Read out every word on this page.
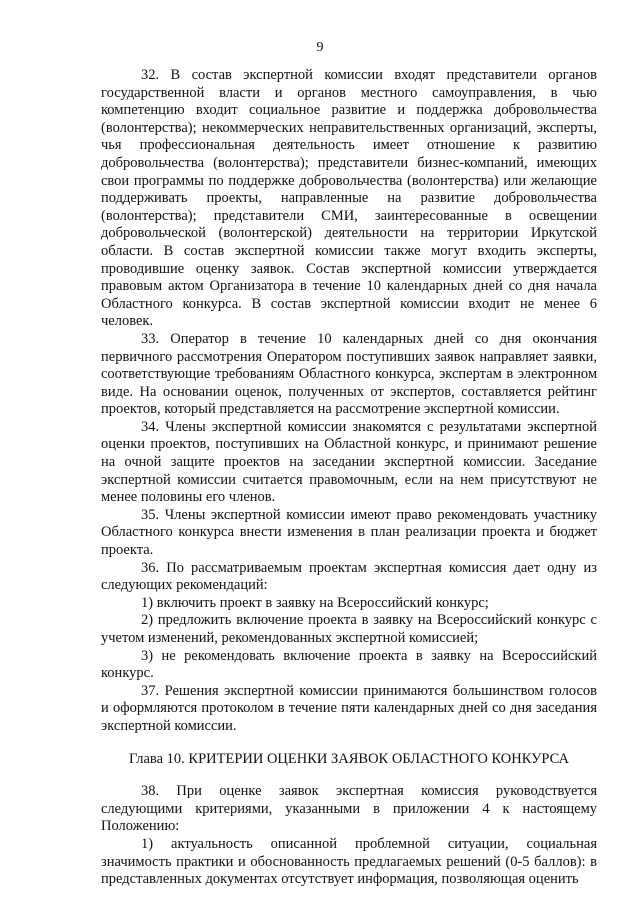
9

32. В состав экспертной комиссии входят представители органов государственной власти и органов местного самоуправления, в чью компетенцию входит социальное развитие и поддержка добровольчества (волонтерства); некоммерческих неправительственных организаций, эксперты, чья профессиональная деятельность имеет отношение к развитию добровольчества (волонтерства); представители бизнес-компаний, имеющих свои программы по поддержке добровольчества (волонтерства) или желающие поддерживать проекты, направленные на развитие добровольчества (волонтерства); представители СМИ, заинтересованные в освещении добровольческой (волонтерской) деятельности на территории Иркутской области. В состав экспертной комиссии также могут входить эксперты, проводившие оценку заявок. Состав экспертной комиссии утверждается правовым актом Организатора в течение 10 календарных дней со дня начала Областного конкурса. В состав экспертной комиссии входит не менее 6 человек.

33. Оператор в течение 10 календарных дней со дня окончания первичного рассмотрения Оператором поступивших заявок направляет заявки, соответствующие требованиям Областного конкурса, экспертам в электронном виде. На основании оценок, полученных от экспертов, составляется рейтинг проектов, который представляется на рассмотрение экспертной комиссии.

34. Члены экспертной комиссии знакомятся с результатами экспертной оценки проектов, поступивших на Областной конкурс, и принимают решение на очной защите проектов на заседании экспертной комиссии. Заседание экспертной комиссии считается правомочным, если на нем присутствуют не менее половины его членов.

35. Члены экспертной комиссии имеют право рекомендовать участнику Областного конкурса внести изменения в план реализации проекта и бюджет проекта.

36. По рассматриваемым проектам экспертная комиссия дает одну из следующих рекомендаций:

1) включить проект в заявку на Всероссийский конкурс;

2) предложить включение проекта в заявку на Всероссийский конкурс с учетом изменений, рекомендованных экспертной комиссией;

3) не рекомендовать включение проекта в заявку на Всероссийский конкурс.

37. Решения экспертной комиссии принимаются большинством голосов и оформляются протоколом в течение пяти календарных дней со дня заседания экспертной комиссии.

Глава 10. КРИТЕРИИ ОЦЕНКИ ЗАЯВОК ОБЛАСТНОГО КОНКУРСА

38. При оценке заявок экспертная комиссия руководствуется следующими критериями, указанными в приложении 4 к настоящему Положению:

1) актуальность описанной проблемной ситуации, социальная значимость практики и обоснованность предлагаемых решений (0-5 баллов): в представленных документах отсутствует информация, позволяющая оценить
